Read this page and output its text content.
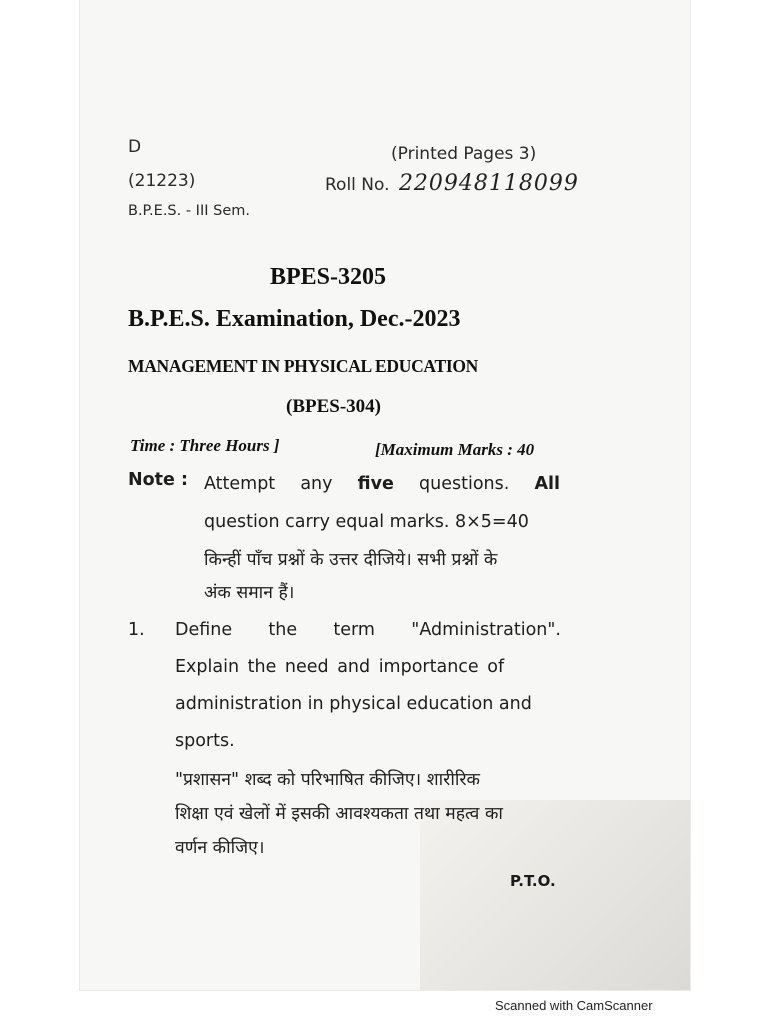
D	(Printed Pages 3)
(21223)	Roll No. 220948118099
B.P.E.S. - III Sem.
BPES-3205
B.P.E.S. Examination, Dec.-2023
MANAGEMENT IN PHYSICAL EDUCATION
(BPES-304)
Time : Three Hours ]	[Maximum Marks : 40
Note : Attempt any five questions. All
question carry equal marks. 8×5=40
किन्हीं पाँच प्रश्नों के उत्तर दीजिये। सभी प्रश्नों के
अंक समान हैं।
1. Define the term "Administration".
Explain the need and importance of
administration in physical education and
sports.
"प्रशासन" शब्द को परिभाषित कीजिए। शारीरिक
शिक्षा एवं खेलों में इसकी आवश्यकता तथा महत्व का
वर्णन कीजिए।
P.T.O.
Scanned with CamScanner
